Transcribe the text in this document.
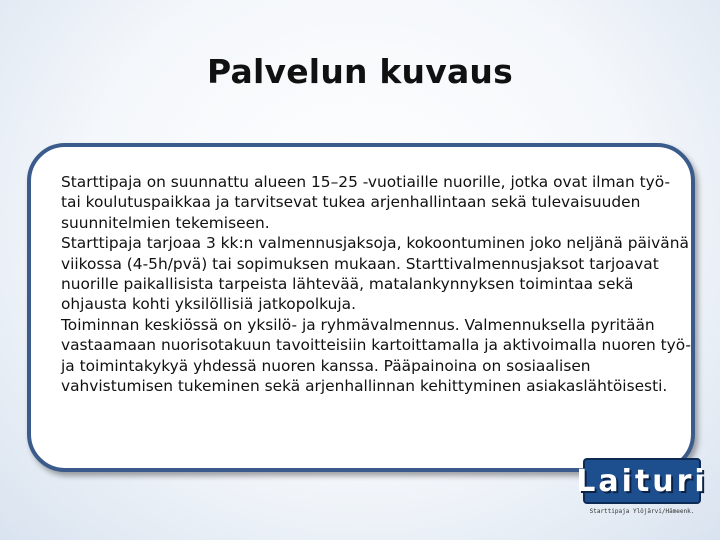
Palvelun kuvaus

Starttipaja on suunnattu alueen 15–25 -vuotiaille nuorille, jotka ovat ilman työ- tai koulutuspaikkaa ja tarvitsevat tukea arjenhallintaan sekä tulevaisuuden suunnitelmien tekemiseen.

Starttipaja tarjoaa 3 kk:n valmennusjaksoja, kokoontuminen joko neljänä päivänä viikossa (4-5h/pvä) tai sopimuksen mukaan. Starttivalmennusjaksot tarjoavat nuorille paikallisista tarpeista lähtevää, matalankynnyksen toimintaa sekä ohjausta kohti yksilöllisiä jatkopolkuja.

Toiminnan keskiössä on yksilö- ja ryhmävalmennus. Valmennuksella pyritään vastaamaan nuorisotakuun tavoitteisiin kartoittamalla ja aktivoimalla nuoren työ- ja toimintakykyä yhdessä nuoren kanssa. Pääpainoina on sosiaalisen vahvistumisen tukeminen sekä arjenhallinnan kehittyminen asiakaslähtöisesti.

Laituri
Starttipaja Ylöjärvi/Hämeenk.
